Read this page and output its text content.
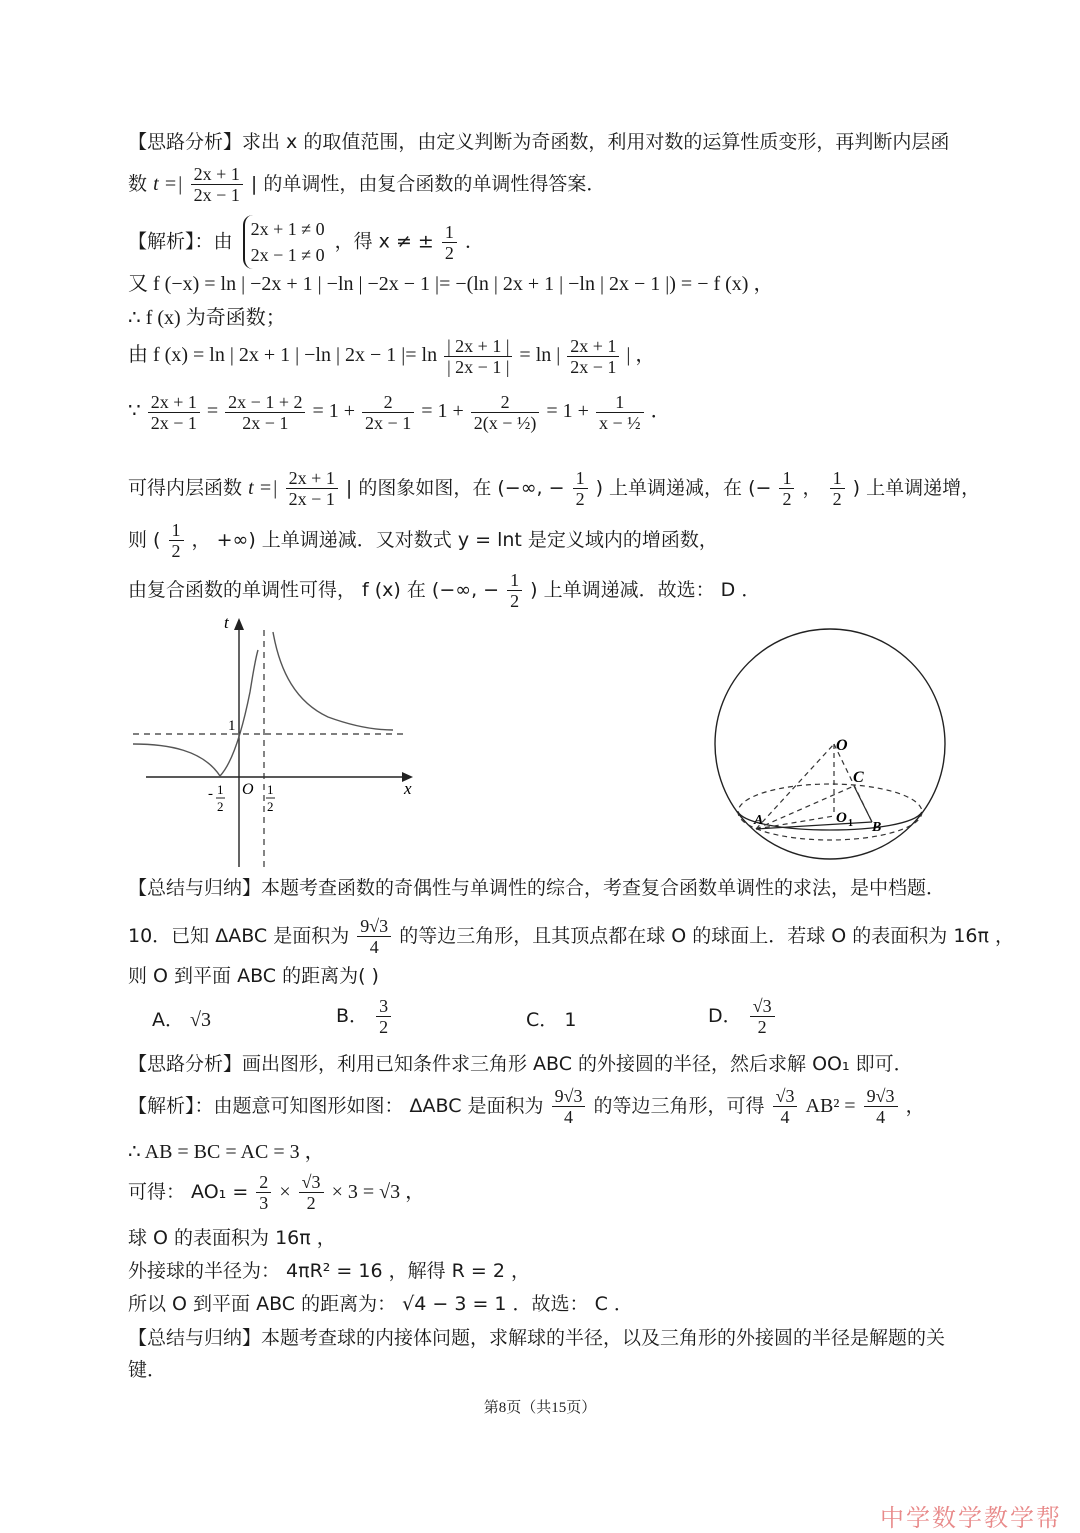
【思路分析】求出 x 的取值范围，由定义判断为奇函数，利用对数的运算性质变形，再判断内层函
数 t =| $\frac{2x + 1}{2x - 1}$ | 的单调性，由复合函数的单调性得答案．
【解析】：由
2x + 1 ≠ 0
2x − 1 ≠ 0
，得 x ≠ ± $\frac{1}{2}$ ．
又 f (−x) = ln | −2x + 1 | −ln | −2x − 1 |= −(ln | 2x + 1 | −ln | 2x − 1 |) = − f (x) ，
∴ f (x) 为奇函数；
由 f (x) = ln | 2x + 1 | −ln | 2x − 1 |= $\ln \frac{| 2x + 1 |}{| 2x - 1 |} = \ln$ | $\frac{2x + 1}{2x - 1}$ | ，
∵ $\frac{2x + 1}{2x - 1} = \frac{2x - 1 + 2}{2x - 1} = 1 + \frac{2}{2x - 1} = 1 + \frac{2}{\text{2(x − ½)}} = 1 + \frac{1}{\text{x − ½}}$ ．
可得内层函数 t =| $\frac{2x + 1}{2x - 1}$ | 的图象如图，在 (−∞, − $\frac{1}{2}$ ) 上单调递减，在 (− $\frac{1}{2}$ ， $\frac{1}{2}$ ) 上单调递增，
则 ( $\frac{1}{2}$ ， +∞) 上单调递减．又对数式 y = lnt 是定义域内的增函数，
由复合函数的单调性可得， f (x) 在 (−∞, − $\frac{1}{2}$ ) 上单调递减．故选： D ．
t
x
1
O
- 1
2
1
2
O
C
O 1
A	B
【总结与归纳】本题考查函数的奇偶性与单调性的综合，考查复合函数单调性的求法，是中档题．
10．已知 ΔABC 是面积为 $\frac{9√3}{4}$ 的等边三角形，且其顶点都在球 O 的球面上．若球 O 的表面积为 16π ，
则 O 到平面 ABC 的距离为( )
A． √3	B． $\frac{3}{2}$	C． 1	D． $\frac{√3}{2}$
【思路分析】画出图形，利用已知条件求三角形 ABC 的外接圆的半径，然后求解 OO₁ 即可．
【解析】：由题意可知图形如图： ΔABC 是面积为 $\frac{9√3}{4}$ 的等边三角形，可得 $\frac{√3}{4} AB^2 = \frac{9√3}{4}$ ，
∴ AB = BC = AC = 3 ，
可得： $AO_1 = \frac{2}{3} \times \frac{√3}{2} \times 3 = √3$ ，
球 O 的表面积为 16π ，
外接球的半径为： 4πR² = 16 ，解得 R = 2 ，
所以 O 到平面 ABC 的距离为： √4 − 3 = 1 ．故选： C ．
【总结与归纳】本题考查球的内接体问题，求解球的半径，以及三角形的外接圆的半径是解题的关
键．
第8页（共15页）
中学数学教学帮
